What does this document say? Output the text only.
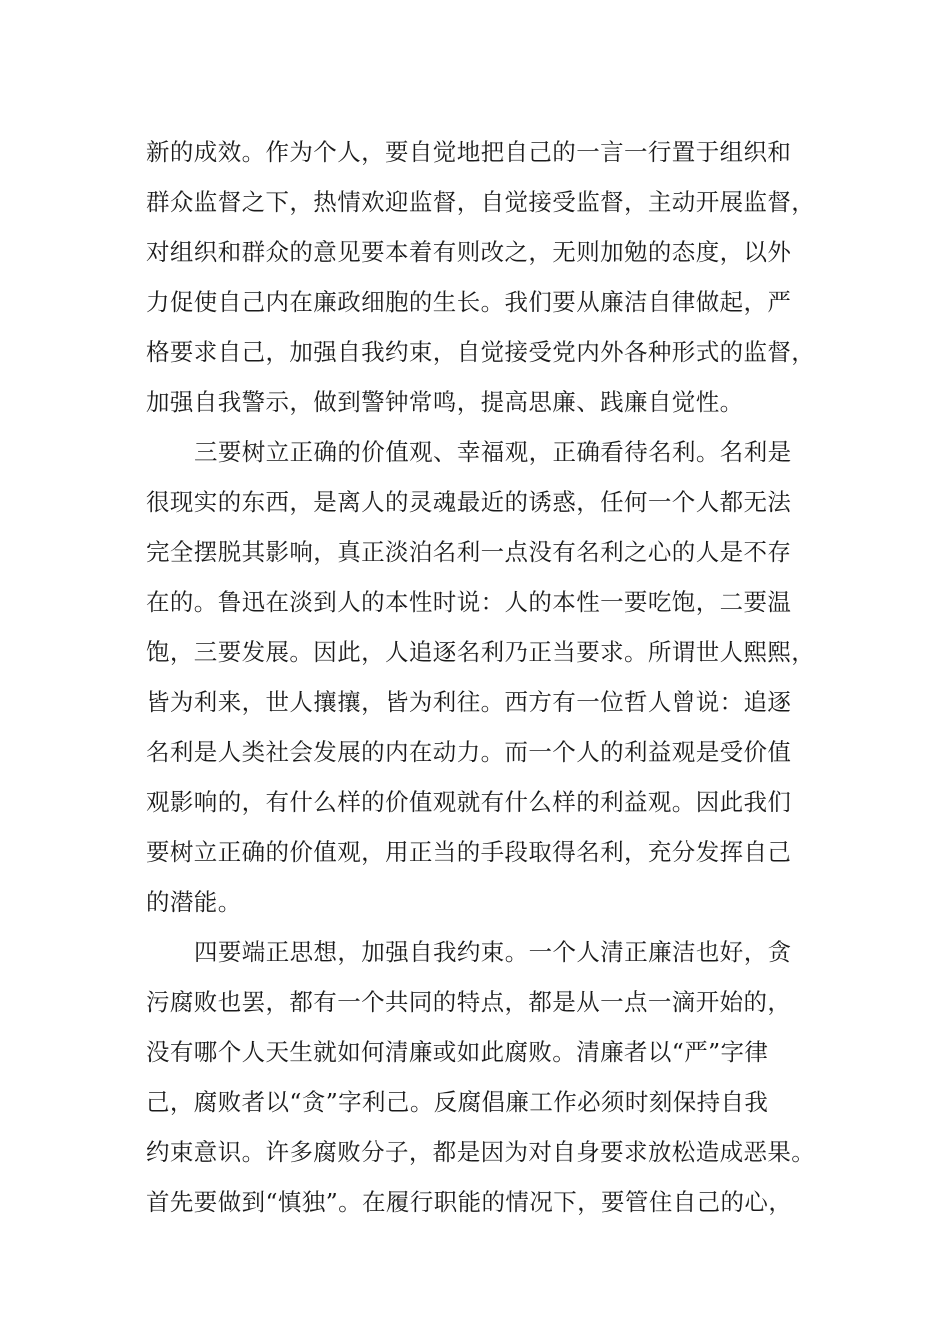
新的成效。作为个人，要自觉地把自己的一言一行置于组织和
群众监督之下，热情欢迎监督，自觉接受监督，主动开展监督，
对组织和群众的意见要本着有则改之，无则加勉的态度，以外
力促使自己内在廉政细胞的生长。我们要从廉洁自律做起，严
格要求自己，加强自我约束，自觉接受党内外各种形式的监督，
加强自我警示，做到警钟常鸣，提高思廉、践廉自觉性。
三要树立正确的价值观、幸福观，正确看待名利。名利是
很现实的东西，是离人的灵魂最近的诱惑，任何一个人都无法
完全摆脱其影响，真正淡泊名利一点没有名利之心的人是不存
在的。鲁迅在淡到人的本性时说：人的本性一要吃饱，二要温
饱，三要发展。因此，人追逐名利乃正当要求。所谓世人熙熙，
皆为利来，世人攘攘，皆为利往。西方有一位哲人曾说：追逐
名利是人类社会发展的内在动力。而一个人的利益观是受价值
观影响的，有什么样的价值观就有什么样的利益观。因此我们
要树立正确的价值观，用正当的手段取得名利，充分发挥自己
的潜能。
四要端正思想，加强自我约束。一个人清正廉洁也好，贪
污腐败也罢，都有一个共同的特点，都是从一点一滴开始的，
没有哪个人天生就如何清廉或如此腐败。清廉者以“严”字律
己，腐败者以“贪”字利己。反腐倡廉工作必须时刻保持自我
约束意识。许多腐败分子，都是因为对自身要求放松造成恶果。
首先要做到“慎独”。在履行职能的情况下，要管住自己的心，
